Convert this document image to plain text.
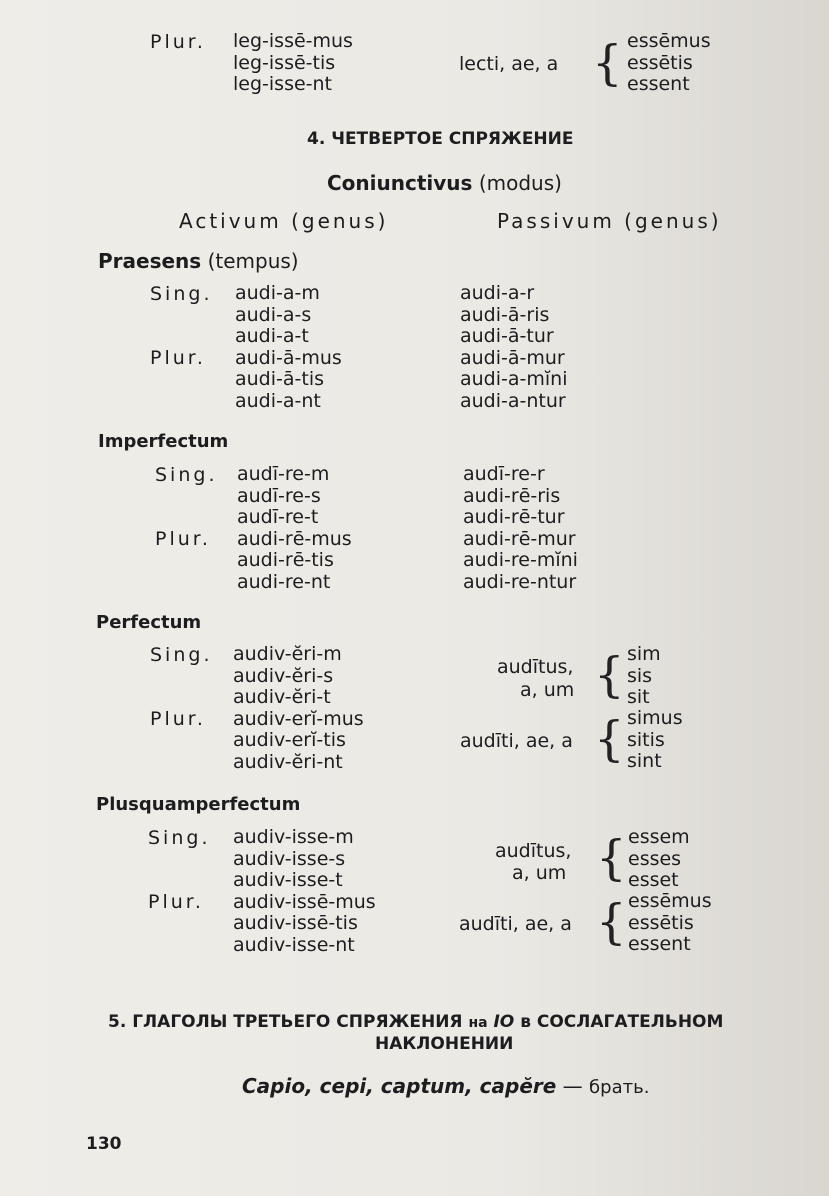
Plur. leg-issē-mus
leg-issē-tis
leg-isse-nt
lecti, ae, a { essēmus
essētis
essent
4. ЧЕТВЕРТОЕ СПРЯЖЕНИЕ
Coniunctivus (modus)
Activum (genus)	Passivum (genus)
Praesens (tempus)
Sing.
Plur.
audi-a-m
audi-a-s
audi-a-t
audi-ā-mus
audi-ā-tis
audi-a-nt
audi-a-r
audi-ā-ris
audi-ā-tur
audi-ā-mur
audi-a-mĭni
audi-a-ntur
Imperfectum
Sing.
Plur.
audī-re-m
audī-re-s
audī-re-t
audi-rē-mus
audi-rē-tis
audi-re-nt
audī-re-r
audi-rē-ris
audi-rē-tur
audi-rē-mur
audi-re-mĭni
audi-re-ntur
Perfectum
Sing.
Plur.
audiv-ĕri-m
audiv-ĕri-s
audiv-ĕri-t
audiv-erĭ-mus
audiv-erĭ-tis
audiv-ĕri-nt
audītus,
a, um { sim
sis
sit
audīti, ae, a { simus
sitis
sint
Plusquamperfectum
Sing.
Plur.
audiv-isse-m
audiv-isse-s
audiv-isse-t
audiv-issē-mus
audiv-issē-tis
audiv-isse-nt
audītus,
a, um { essem
esses
esset
audīti, ae, a { essēmus
essētis
essent
5. ГЛАГОЛЫ ТРЕТЬЕГО СПРЯЖЕНИЯ на IO в СОСЛАГАТЕЛЬНОМ
НАКЛОНЕНИИ
Capio, cepi, captum, capĕre — брать.
130
